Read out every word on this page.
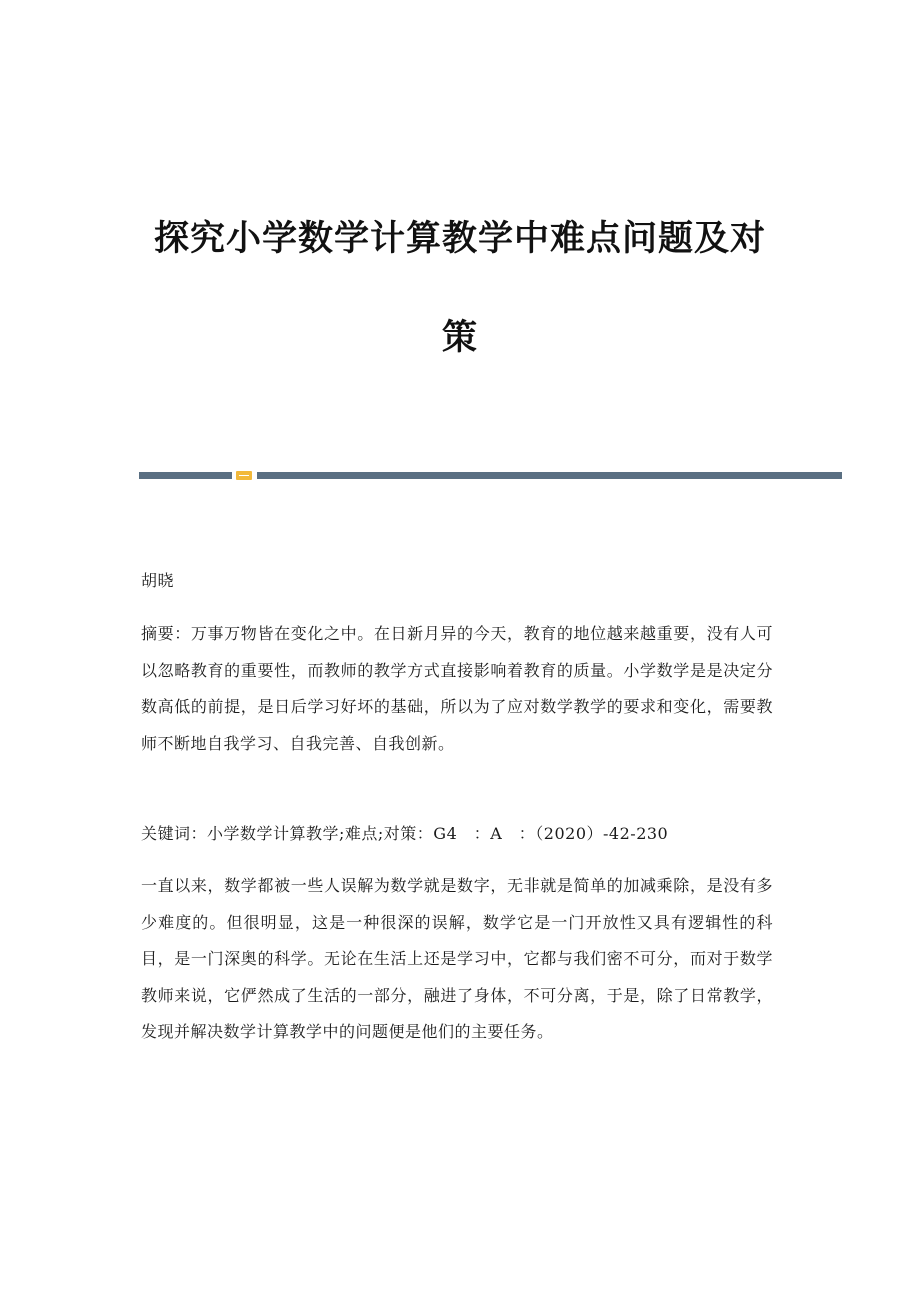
探究小学数学计算教学中难点问题及对
策

胡晓

摘要：万事万物皆在变化之中。在日新月异的今天，教育的地位越来越重要，没有人可以忽略教育的重要性，而教师的教学方式直接影响着教育的质量。小学数学是是决定分数高低的前提，是日后学习好坏的基础，所以为了应对数学教学的要求和变化，需要教师不断地自我学习、自我完善、自我创新。

关键词：小学数学计算教学;难点;对策：G4　：A　：（2020）-42-230

一直以来，数学都被一些人误解为数学就是数字，无非就是简单的加减乘除，是没有多少难度的。但很明显，这是一种很深的误解，数学它是一门开放性又具有逻辑性的科目，是一门深奥的科学。无论在生活上还是学习中，它都与我们密不可分，而对于数学教师来说，它俨然成了生活的一部分，融进了身体，不可分离，于是，除了日常教学，发现并解决数学计算教学中的问题便是他们的主要任务。
